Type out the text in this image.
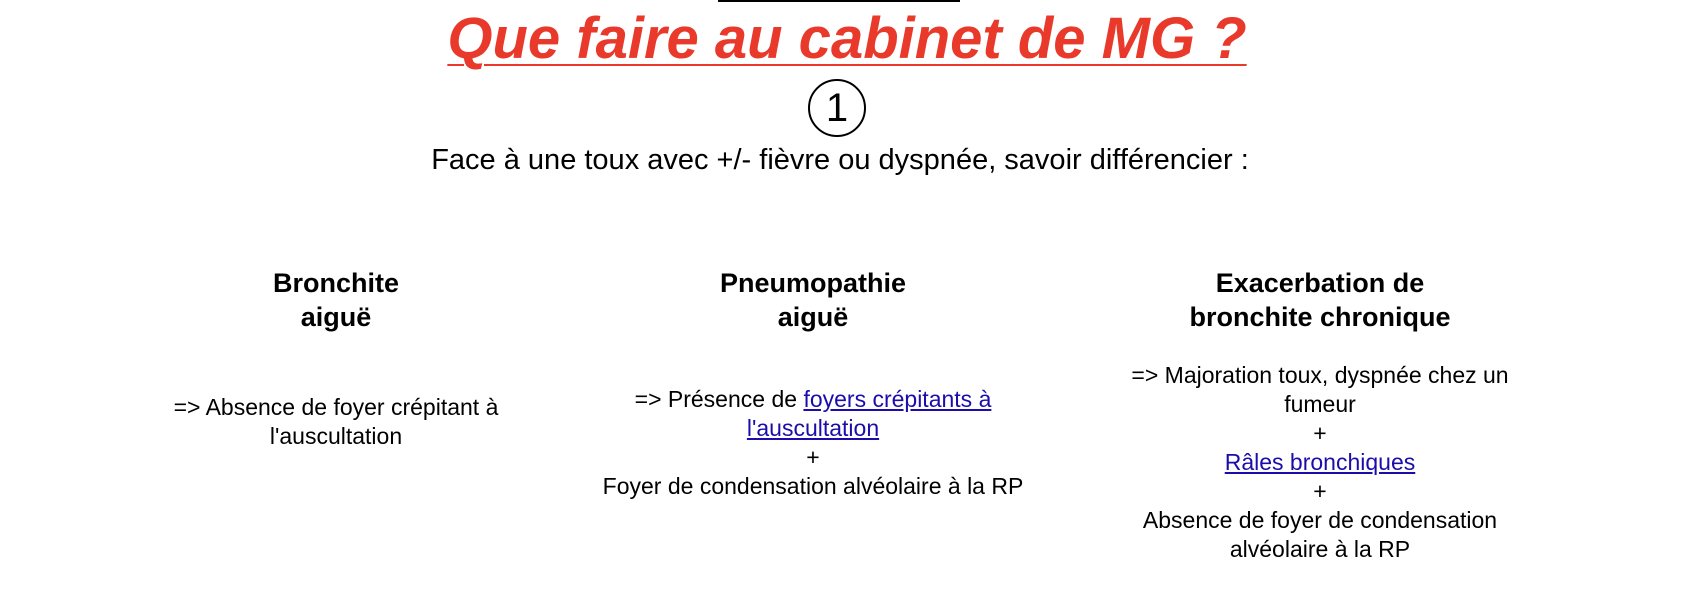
Que faire au cabinet de MG ?
1
Face à une toux avec +/- fièvre ou dyspnée, savoir différencier :
Bronchite
aiguë
=> Absence de foyer crépitant à
l'auscultation
Pneumopathie
aiguë
=> Présence de foyers crépitants à
l'auscultation
+
Foyer de condensation alvéolaire à la RP
Exacerbation de
bronchite chronique
=> Majoration toux, dyspnée chez un
fumeur
+
Râles bronchiques
+
Absence de foyer de condensation
alvéolaire à la RP
